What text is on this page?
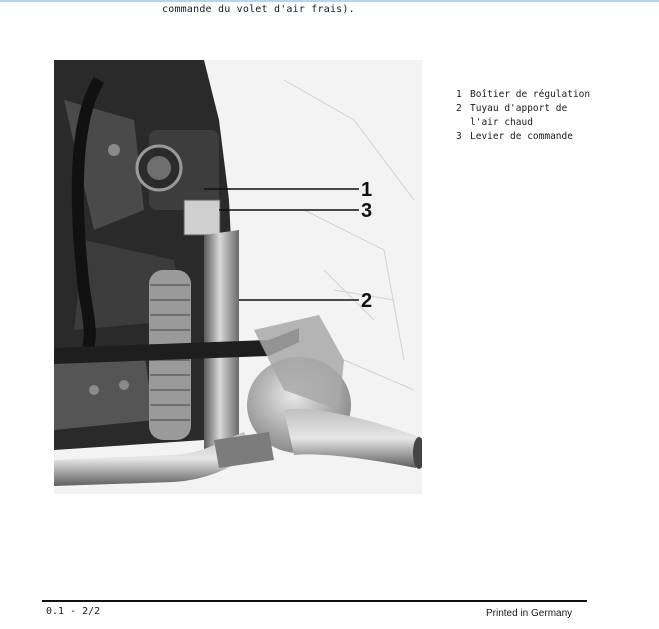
commande du volet d'air frais).
1
3
2
1 Boîtier de régulation
2 Tuyau d'apport de l'air chaud
3 Levier de commande
0.1 - 2/2	Printed in Germany
